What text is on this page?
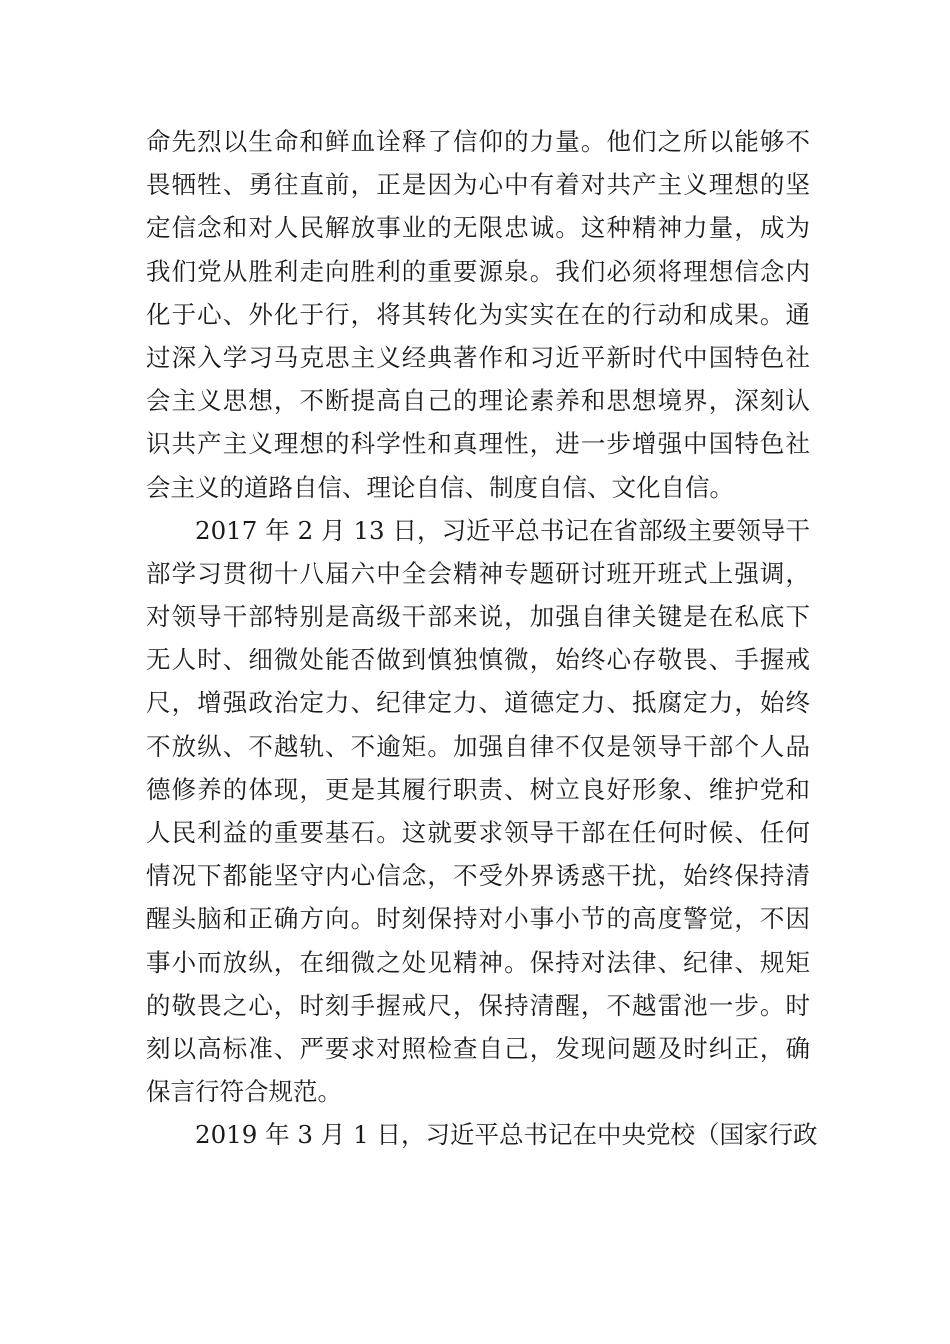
命先烈以生命和鲜血诠释了信仰的力量。他们之所以能够不
畏牺牲、勇往直前，正是因为心中有着对共产主义理想的坚
定信念和对人民解放事业的无限忠诚。这种精神力量，成为
我们党从胜利走向胜利的重要源泉。我们必须将理想信念内
化于心、外化于行，将其转化为实实在在的行动和成果。通
过深入学习马克思主义经典著作和习近平新时代中国特色社
会主义思想，不断提高自己的理论素养和思想境界，深刻认
识共产主义理想的科学性和真理性，进一步增强中国特色社
会主义的道路自信、理论自信、制度自信、文化自信。
2017 年 2 月 13 日，习近平总书记在省部级主要领导干
部学习贯彻十八届六中全会精神专题研讨班开班式上强调，
对领导干部特别是高级干部来说，加强自律关键是在私底下
无人时、细微处能否做到慎独慎微，始终心存敬畏、手握戒
尺，增强政治定力、纪律定力、道德定力、抵腐定力，始终
不放纵、不越轨、不逾矩。加强自律不仅是领导干部个人品
德修养的体现，更是其履行职责、树立良好形象、维护党和
人民利益的重要基石。这就要求领导干部在任何时候、任何
情况下都能坚守内心信念，不受外界诱惑干扰，始终保持清
醒头脑和正确方向。时刻保持对小事小节的高度警觉，不因
事小而放纵，在细微之处见精神。保持对法律、纪律、规矩
的敬畏之心，时刻手握戒尺，保持清醒，不越雷池一步。时
刻以高标准、严要求对照检查自己，发现问题及时纠正，确
保言行符合规范。
2019 年 3 月 1 日，习近平总书记在中央党校（国家行政
